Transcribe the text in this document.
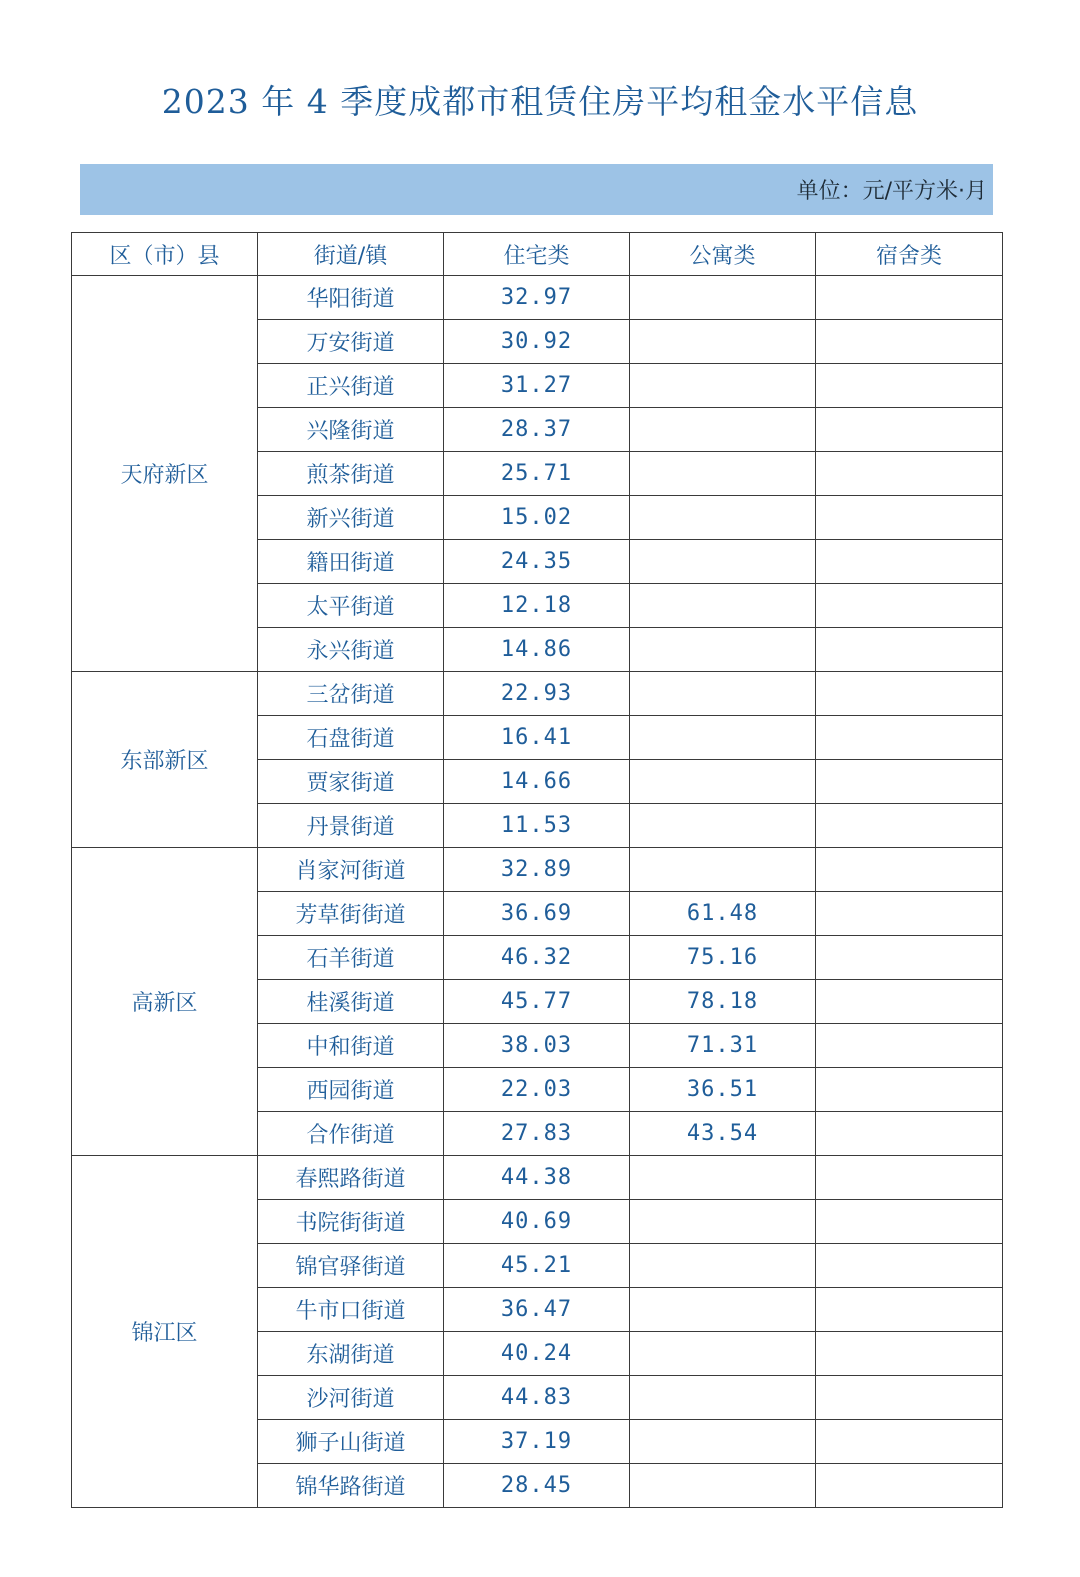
2023 年 4 季度成都市租赁住房平均租金水平信息
单位：元/平方米·月
区（市）县	街道/镇	住宅类	公寓类	宿舍类
天府新区	华阳街道	32.97		
	万安街道	30.92		
	正兴街道	31.27		
	兴隆街道	28.37		
	煎茶街道	25.71		
	新兴街道	15.02		
	籍田街道	24.35		
	太平街道	12.18		
	永兴街道	14.86		
东部新区	三岔街道	22.93		
	石盘街道	16.41		
	贾家街道	14.66		
	丹景街道	11.53		
高新区	肖家河街道	32.89		
	芳草街街道	36.69	61.48	
	石羊街道	46.32	75.16	
	桂溪街道	45.77	78.18	
	中和街道	38.03	71.31	
	西园街道	22.03	36.51	
	合作街道	27.83	43.54	
锦江区	春熙路街道	44.38		
	书院街街道	40.69		
	锦官驿街道	45.21		
	牛市口街道	36.47		
	东湖街道	40.24		
	沙河街道	44.83		
	狮子山街道	37.19		
	锦华路街道	28.45		
